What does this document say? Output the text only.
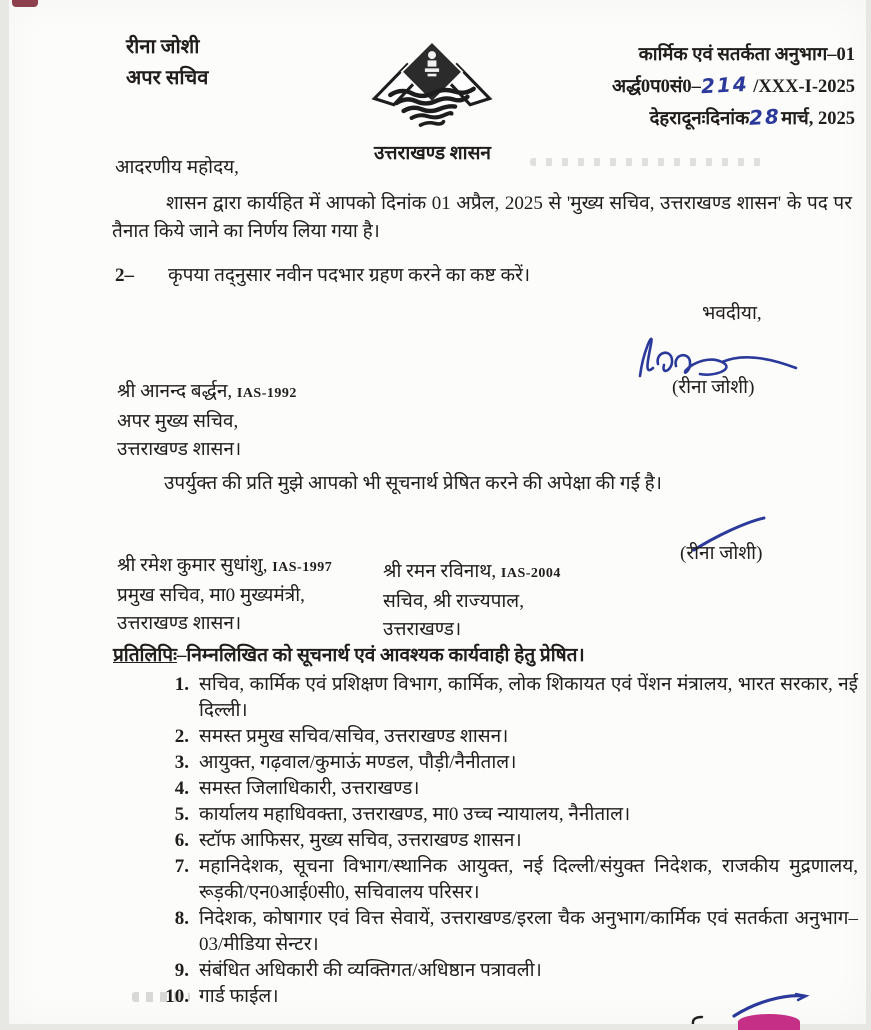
रीना जोशी
अपर सचिव
उत्तराखण्ड शासन
कार्मिक एवं सतर्कता अनुभाग–01
अर्द्ध0प0सं0–214 /XXX-I-2025
देहरादूनःदिनांक28मार्च, 2025
आदरणीय महोदय,
शासन द्वारा कार्यहित में आपको दिनांक 01 अप्रैल, 2025 से 'मुख्य सचिव, उत्तराखण्ड शासन' के पद पर तैनात किये जाने का निर्णय लिया गया है।
2– कृपया तद्नुसार नवीन पदभार ग्रहण करने का कष्ट करें।
भवदीया,
(रीना जोशी)
श्री आनन्द बर्द्धन, IAS-1992
अपर मुख्य सचिव,
उत्तराखण्ड शासन।
उपर्युक्त की प्रति मुझे आपको भी सूचनार्थ प्रेषित करने की अपेक्षा की गई है।
(रीना जोशी)
श्री रमेश कुमार सुधांशु, IAS-1997
प्रमुख सचिव, मा0 मुख्यमंत्री,
उत्तराखण्ड शासन।
श्री रमन रविनाथ, IAS-2004
सचिव, श्री राज्यपाल,
उत्तराखण्ड।
प्रतिलिपिः–निम्नलिखित को सूचनार्थ एवं आवश्यक कार्यवाही हेतु प्रेषित।
1. सचिव, कार्मिक एवं प्रशिक्षण विभाग, कार्मिक, लोक शिकायत एवं पेंशन मंत्रालय, भारत सरकार, नई दिल्ली।
2. समस्त प्रमुख सचिव/सचिव, उत्तराखण्ड शासन।
3. आयुक्त, गढ़वाल/कुमाऊं मण्डल, पौड़ी/नैनीताल।
4. समस्त जिलाधिकारी, उत्तराखण्ड।
5. कार्यालय महाधिवक्ता, उत्तराखण्ड, मा0 उच्च न्यायालय, नैनीताल।
6. स्टॉफ आफिसर, मुख्य सचिव, उत्तराखण्ड शासन।
7. महानिदेशक, सूचना विभाग/स्थानिक आयुक्त, नई दिल्ली/संयुक्त निदेशक, राजकीय मुद्रणालय, रूड़की/एन0आई0सी0, सचिवालय परिसर।
8. निदेशक, कोषागार एवं वित्त सेवायें, उत्तराखण्ड/इरला चैक अनुभाग/कार्मिक एवं सतर्कता अनुभाग–03/मीडिया सेन्टर।
9. संबंधित अधिकारी की व्यक्तिगत/अधिष्ठान पत्रावली।
10. गार्ड फाईल।
